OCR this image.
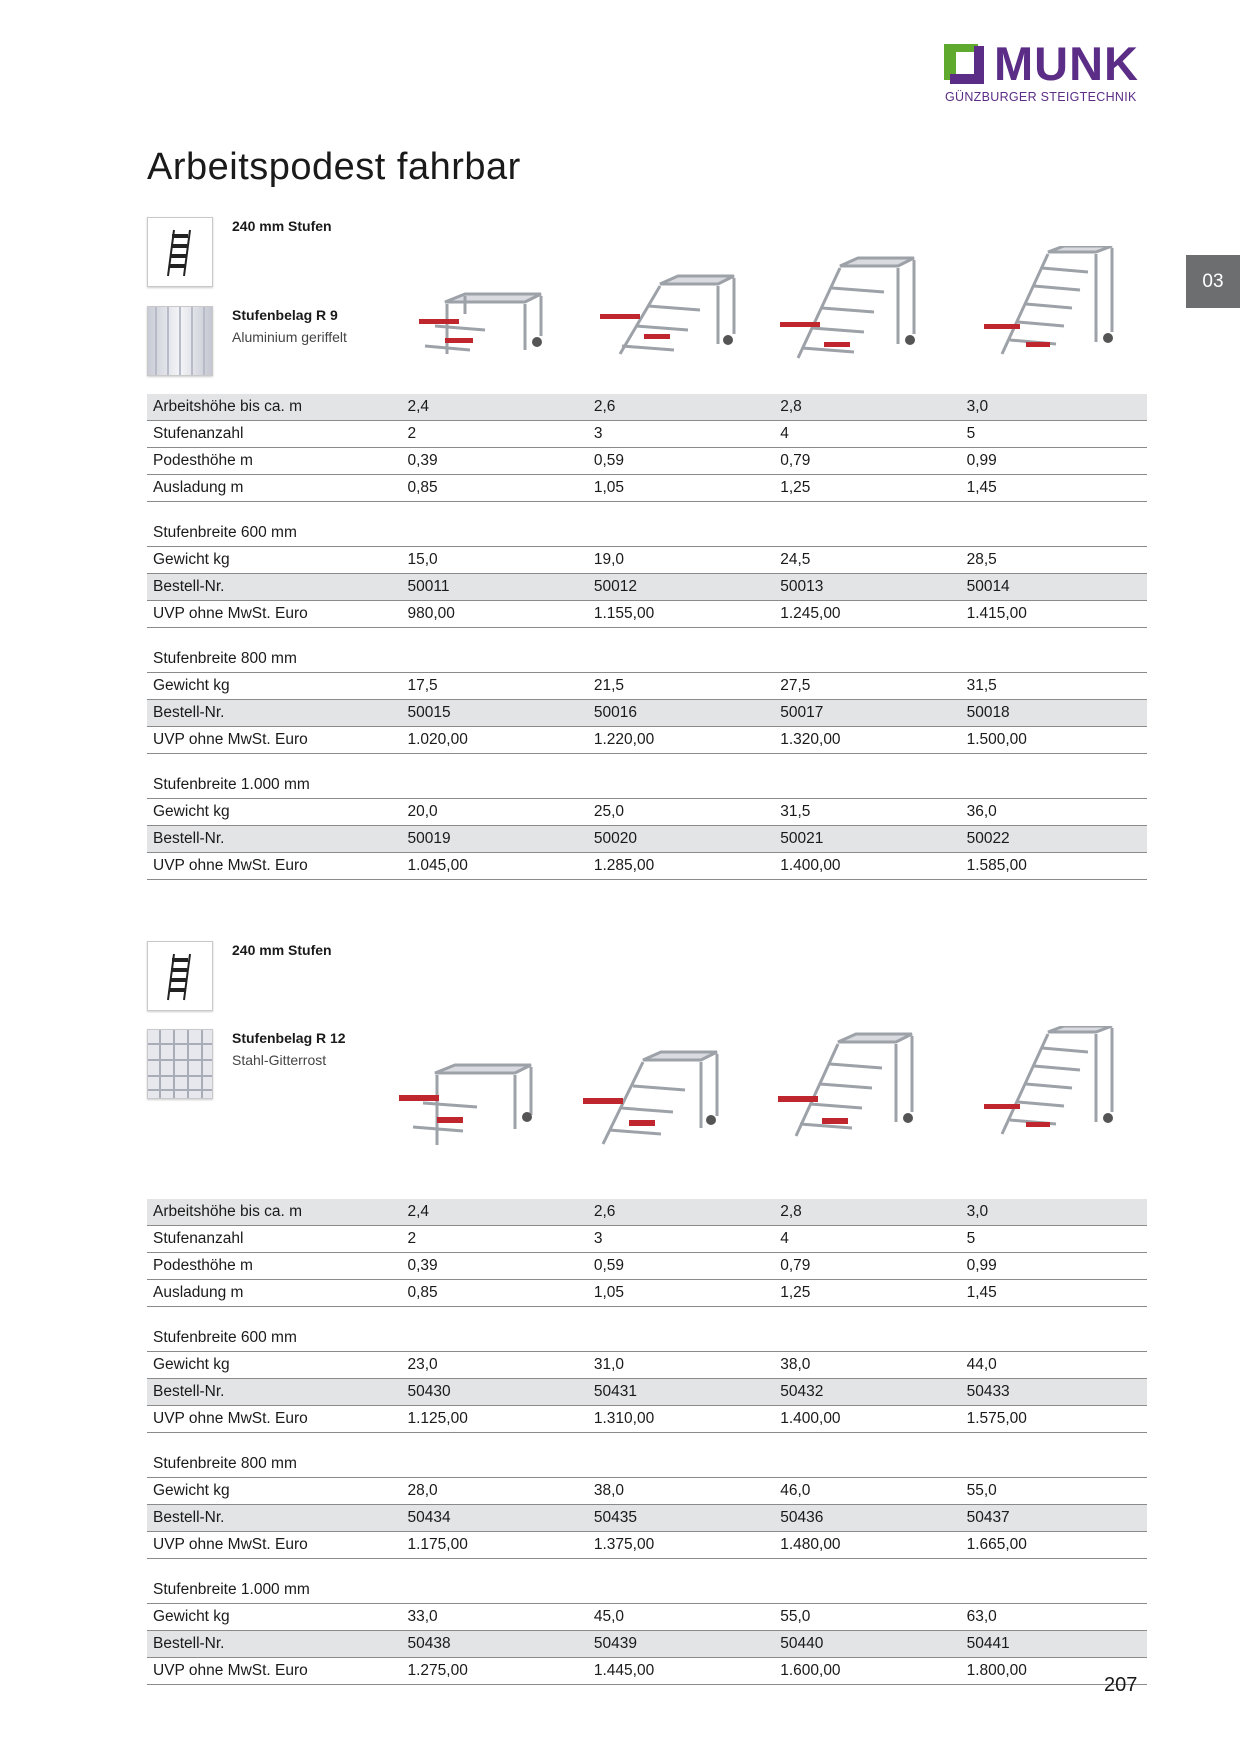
MUNK
GÜNZBURGER STEIGTECHNIK
03
Arbeitspodest fahrbar
240 mm Stufen
Stufenbelag R 9
Aluminium geriffelt
Arbeitshöhe bis ca. m	2,4	2,6	2,8	3,0
Stufenanzahl	2	3	4	5
Podesthöhe m	0,39	0,59	0,79	0,99
Ausladung m	0,85	1,05	1,25	1,45

Stufenbreite 600 mm				
Gewicht kg	15,0	19,0	24,5	28,5
Bestell-Nr.	50011	50012	50013	50014
UVP ohne MwSt. Euro	980,00	1.155,00	1.245,00	1.415,00

Stufenbreite 800 mm				
Gewicht kg	17,5	21,5	27,5	31,5
Bestell-Nr.	50015	50016	50017	50018
UVP ohne MwSt. Euro	1.020,00	1.220,00	1.320,00	1.500,00

Stufenbreite 1.000 mm				
Gewicht kg	20,0	25,0	31,5	36,0
Bestell-Nr.	50019	50020	50021	50022
UVP ohne MwSt. Euro	1.045,00	1.285,00	1.400,00	1.585,00
240 mm Stufen
Stufenbelag R 12
Stahl-Gitterrost
Arbeitshöhe bis ca. m	2,4	2,6	2,8	3,0
Stufenanzahl	2	3	4	5
Podesthöhe m	0,39	0,59	0,79	0,99
Ausladung m	0,85	1,05	1,25	1,45

Stufenbreite 600 mm				
Gewicht kg	23,0	31,0	38,0	44,0
Bestell-Nr.	50430	50431	50432	50433
UVP ohne MwSt. Euro	1.125,00	1.310,00	1.400,00	1.575,00

Stufenbreite 800 mm				
Gewicht kg	28,0	38,0	46,0	55,0
Bestell-Nr.	50434	50435	50436	50437
UVP ohne MwSt. Euro	1.175,00	1.375,00	1.480,00	1.665,00

Stufenbreite 1.000 mm				
Gewicht kg	33,0	45,0	55,0	63,0
Bestell-Nr.	50438	50439	50440	50441
UVP ohne MwSt. Euro	1.275,00	1.445,00	1.600,00	1.800,00
207
